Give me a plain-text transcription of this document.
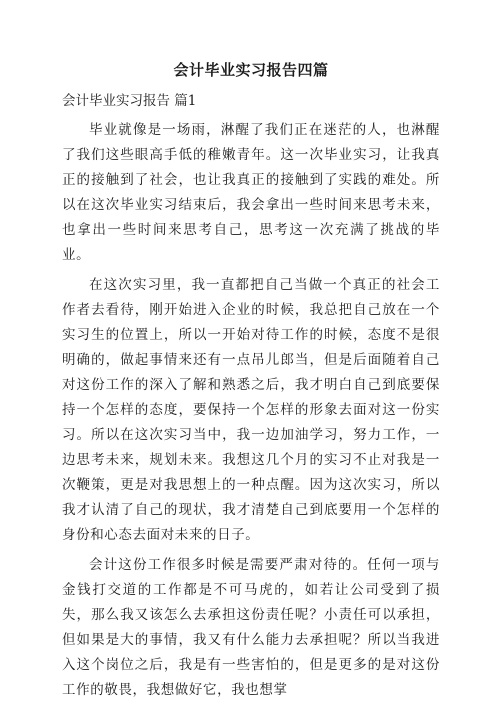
会计毕业实习报告四篇
会计毕业实习报告 篇1

毕业就像是一场雨，淋醒了我们正在迷茫的人，也淋醒了我们这些眼高手低的稚嫩青年。这一次毕业实习，让我真正的接触到了社会，也让我真正的接触到了实践的难处。所以在这次毕业实习结束后，我会拿出一些时间来思考未来，也拿出一些时间来思考自己，思考这一次充满了挑战的毕业。

在这次实习里，我一直都把自己当做一个真正的社会工作者去看待，刚开始进入企业的时候，我总把自己放在一个实习生的位置上，所以一开始对待工作的时候，态度不是很明确的，做起事情来还有一点吊儿郎当，但是后面随着自己对这份工作的深入了解和熟悉之后，我才明白自己到底要保持一个怎样的态度，要保持一个怎样的形象去面对这一份实习。所以在这次实习当中，我一边加油学习，努力工作，一边思考未来，规划未来。我想这几个月的实习不止对我是一次鞭策，更是对我思想上的一种点醒。因为这次实习，所以我才认清了自己的现状，我才清楚自己到底要用一个怎样的身份和心态去面对未来的日子。

会计这份工作很多时候是需要严肃对待的。任何一项与金钱打交道的工作都是不可马虎的，如若让公司受到了损失，那么我又该怎么去承担这份责任呢？小责任可以承担，但如果是大的事情，我又有什么能力去承担呢？所以当我进入这个岗位之后，我是有一些害怕的，但是更多的是对这份工作的敬畏，我想做好它，我也想掌
